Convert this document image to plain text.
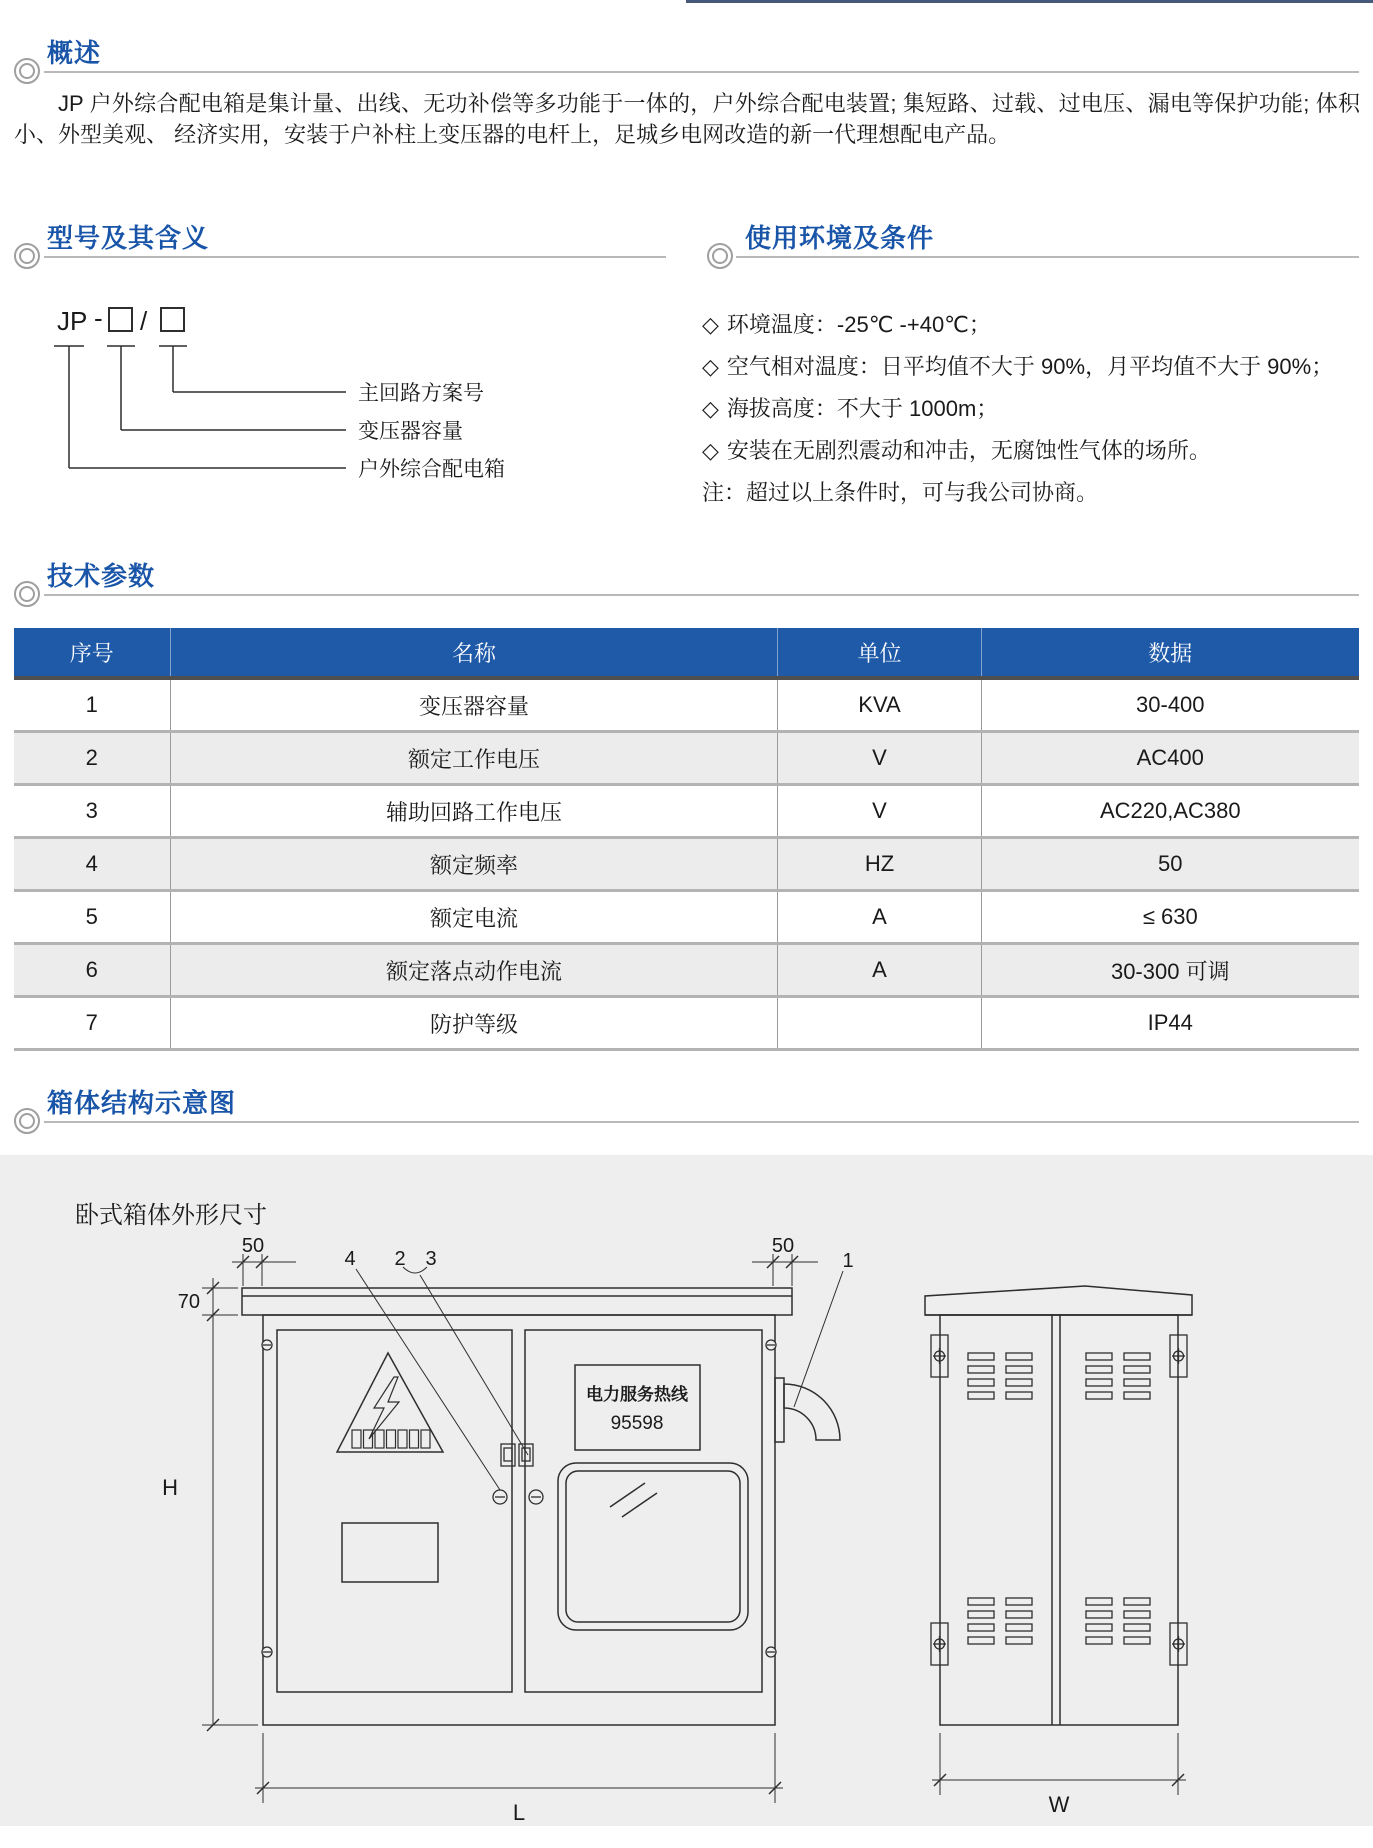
概述
JP 户外综合配电箱是集计量、出线、无功补偿等多功能于一体的，户外综合配电装置; 集短路、过载、过电压、漏电等保护功能; 体积小、外型美观、 经济实用，安装于户补柱上变压器的电杆上，足城乡电网改造的新一代理想配电产品。
型号及其含义
JP - /
主回路方案号
变压器容量
户外综合配电箱
使用环境及条件
◇ 环境温度：-25℃ -+40℃；
◇ 空气相对温度：日平均值不大于 90%，月平均值不大于 90%；
◇ 海拔高度：不大于 1000m；
◇ 安装在无剧烈震动和冲击，无腐蚀性气体的场所。
注：超过以上条件时，可与我公司协商。
技术参数
序号	名称	单位	数据
1	变压器容量	KVA	30-400
2	额定工作电压	V	AC400
3	辅助回路工作电压	V	AC220,AC380
4	额定频率	HZ	50
5	额定电流	A	≤ 630
6	额定落点动作电流	A	30-300 可调
7	防护等级		IP44
箱体结构示意图
卧式箱体外形尺寸
50	50
70
H
L	W
4 2 3	1
电力服务热线
95598
